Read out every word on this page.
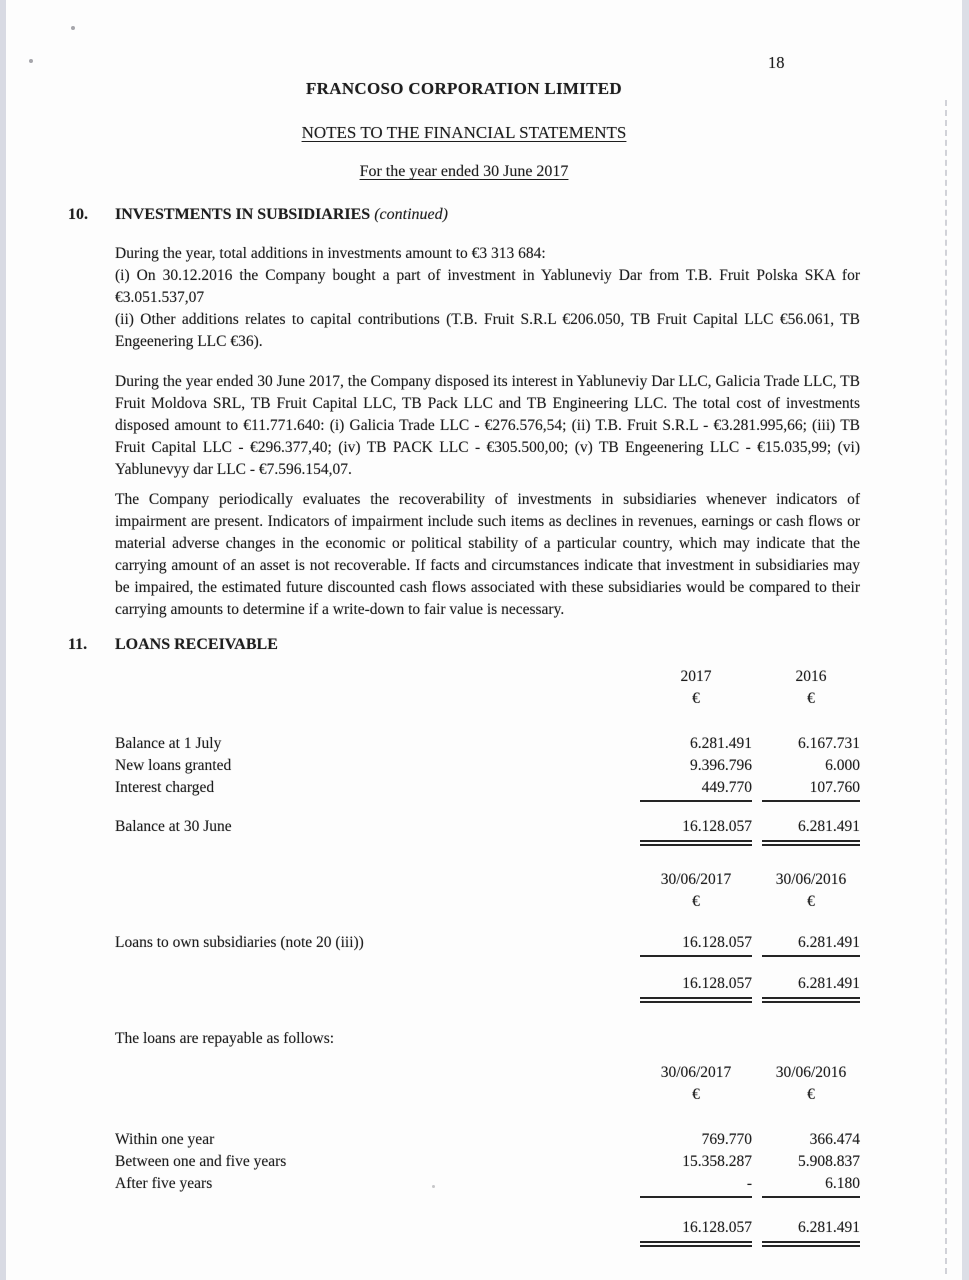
18
FRANCOSO CORPORATION LIMITED
NOTES TO THE FINANCIAL STATEMENTS
For the year ended 30 June 2017
10.	INVESTMENTS IN SUBSIDIARIES (continued)
During the year, total additions in investments amount to €3 313 684:
(i) On 30.12.2016 the Company bought a part of investment in Yabluneviy Dar from T.B. Fruit Polska SKA for €3.051.537,07
(ii) Other additions relates to capital contributions (T.B. Fruit S.R.L €206.050, TB Fruit Capital LLC €56.061, TB Engeenering LLC €36).
During the year ended 30 June 2017, the Company disposed its interest in Yabluneviy Dar LLC, Galicia Trade LLC, TB Fruit Moldova SRL, TB Fruit Capital LLC, TB Pack LLC and TB Engineering LLC. The total cost of investments disposed amount to €11.771.640: (i) Galicia Trade LLC - €276.576,54; (ii) T.B. Fruit S.R.L - €3.281.995,66; (iii) TB Fruit Capital LLC - €296.377,40; (iv) TB PACK LLC - €305.500,00; (v) TB Engeenering LLC - €15.035,99; (vi) Yablunevyy dar LLC - €7.596.154,07.
The Company periodically evaluates the recoverability of investments in subsidiaries whenever indicators of impairment are present. Indicators of impairment include such items as declines in revenues, earnings or cash flows or material adverse changes in the economic or political stability of a particular country, which may indicate that the carrying amount of an asset is not recoverable. If facts and circumstances indicate that investment in subsidiaries may be impaired, the estimated future discounted cash flows associated with these subsidiaries would be compared to their carrying amounts to determine if a write-down to fair value is necessary.
11.	LOANS RECEIVABLE
2017	2016
€	€
Balance at 1 July	6.281.491	6.167.731
New loans granted	9.396.796	6.000
Interest charged	449.770	107.760
Balance at 30 June	16.128.057	6.281.491
30/06/2017	30/06/2016
€	€
Loans to own subsidiaries (note 20 (iii))	16.128.057	6.281.491
16.128.057	6.281.491
The loans are repayable as follows:
30/06/2017	30/06/2016
€	€
Within one year	769.770	366.474
Between one and five years	15.358.287	5.908.837
After five years	-	6.180
16.128.057	6.281.491
